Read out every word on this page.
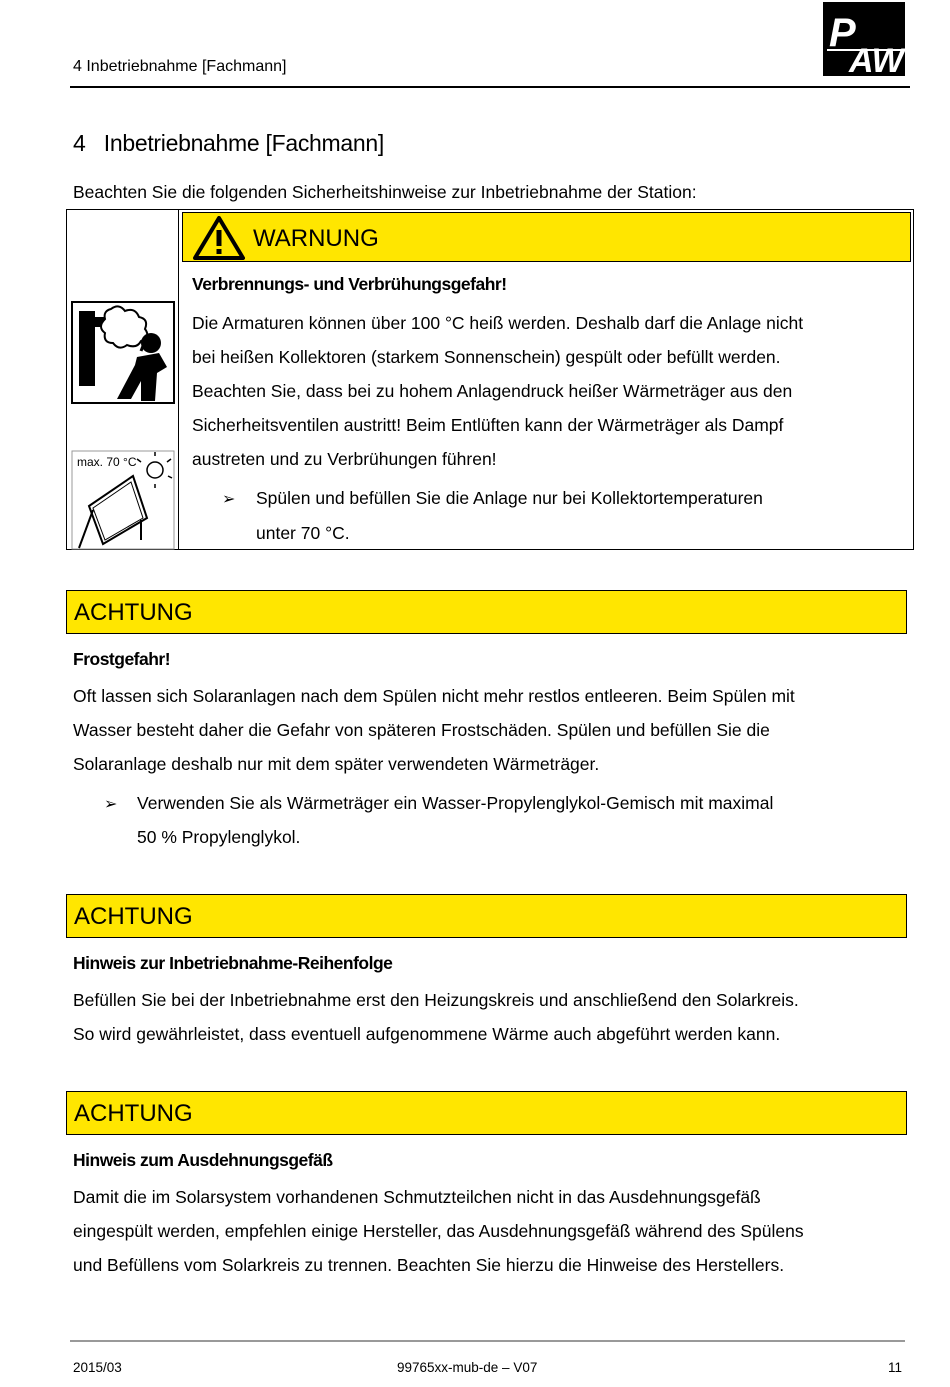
4 Inbetriebnahme [Fachmann]
P
AW
4   Inbetriebnahme [Fachmann]
Beachten Sie die folgenden Sicherheitshinweise zur Inbetriebnahme der Station:
max. 70 °C
WARNUNG
Verbrennungs- und Verbrühungsgefahr!
Die Armaturen können über 100 °C heiß werden. Deshalb darf die Anlage nicht
bei heißen Kollektoren (starkem Sonnenschein) gespült oder befüllt werden.
Beachten Sie, dass bei zu hohem Anlagendruck heißer Wärmeträger aus den
Sicherheitsventilen austritt! Beim Entlüften kann der Wärmeträger als Dampf
austreten und zu Verbrühungen führen!
➢ Spülen und befüllen Sie die Anlage nur bei Kollektortemperaturen
unter 70 °C.
ACHTUNG
Frostgefahr!
Oft lassen sich Solaranlagen nach dem Spülen nicht mehr restlos entleeren. Beim Spülen mit
Wasser besteht daher die Gefahr von späteren Frostschäden. Spülen und befüllen Sie die
Solaranlage deshalb nur mit dem später verwendeten Wärmeträger.
➢ Verwenden Sie als Wärmeträger ein Wasser-Propylenglykol-Gemisch mit maximal
50 % Propylenglykol.
ACHTUNG
Hinweis zur Inbetriebnahme-Reihenfolge
Befüllen Sie bei der Inbetriebnahme erst den Heizungskreis und anschließend den Solarkreis.
So wird gewährleistet, dass eventuell aufgenommene Wärme auch abgeführt werden kann.
ACHTUNG
Hinweis zum Ausdehnungsgefäß
Damit die im Solarsystem vorhandenen Schmutzteilchen nicht in das Ausdehnungsgefäß
eingespült werden, empfehlen einige Hersteller, das Ausdehnungsgefäß während des Spülens
und Befüllens vom Solarkreis zu trennen. Beachten Sie hierzu die Hinweise des Herstellers.
2015/03	99765xx-mub-de – V07	11
